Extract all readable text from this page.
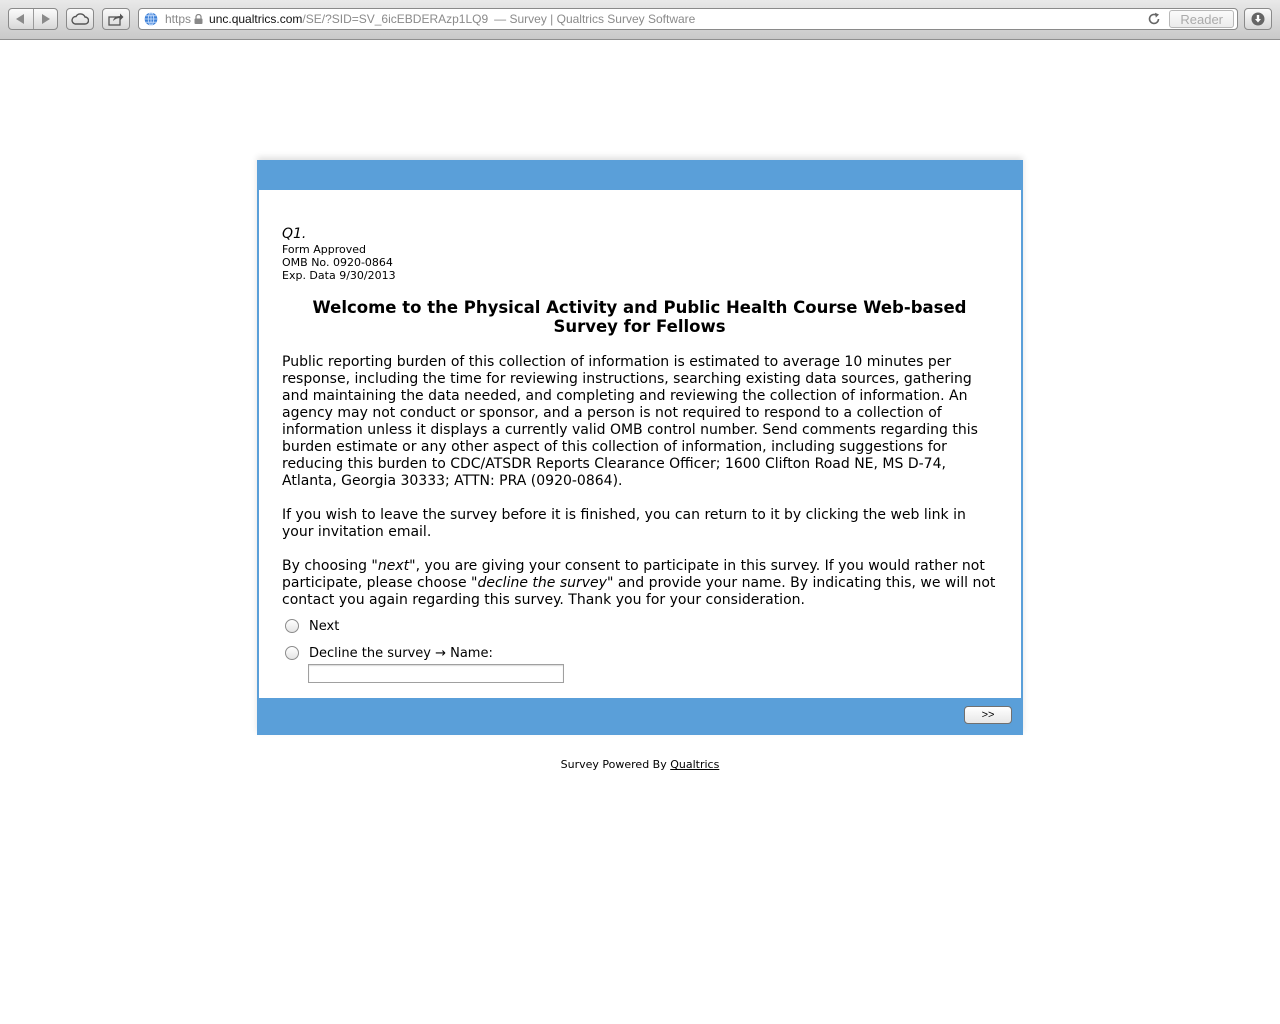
https unc.qualtrics.com /SE/?SID=SV_6icEBDERAzp1LQ9 — Survey | Qualtrics Survey Software	Reader
Q1.
Form Approved
OMB No. 0920-0864
Exp. Data 9/30/2013
Welcome to the Physical Activity and Public Health Course Web-based Survey for Fellows

Public reporting burden of this collection of information is estimated to average 10 minutes per response, including the time for reviewing instructions, searching existing data sources, gathering and maintaining the data needed, and completing and reviewing the collection of information. An agency may not conduct or sponsor, and a person is not required to respond to a collection of information unless it displays a currently valid OMB control number. Send comments regarding this burden estimate or any other aspect of this collection of information, including suggestions for reducing this burden to CDC/ATSDR Reports Clearance Officer; 1600 Clifton Road NE, MS D-74, Atlanta, Georgia 30333; ATTN: PRA (0920-0864).

If you wish to leave the survey before it is finished, you can return to it by clicking the web link in your invitation email.

By choosing "next", you are giving your consent to participate in this survey. If you would rather not participate, please choose "decline the survey" and provide your name. By indicating this, we will not contact you again regarding this survey. Thank you for your consideration.

Next
Decline the survey → Name:
>>
Survey Powered By Qualtrics
